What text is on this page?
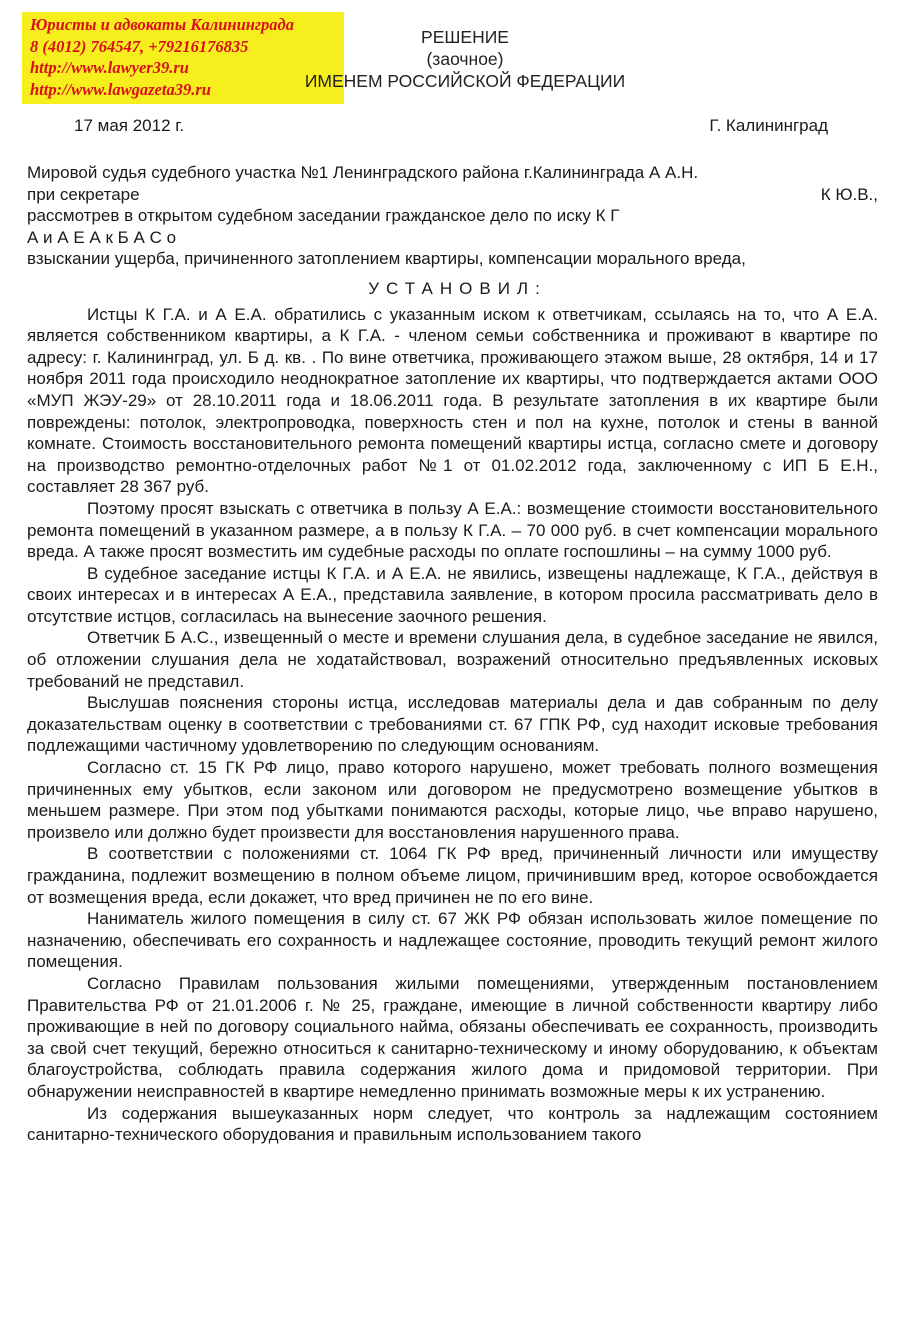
Юристы и адвокаты Калининграда
8 (4012) 764547, +79216176835
http://www.lawyer39.ru
http://www.lawgazeta39.ru
РЕШЕНИЕ
(заочное)
ИМЕНЕМ РОССИЙСКОЙ ФЕДЕРАЦИИ
17 мая 2012 г.	Г. Калининград

Мировой судья судебного участка №1 Ленинградского района г.Калининграда А А.Н.

при секретаре	К Ю.В.,

рассмотрев в открытом судебном заседании гражданское дело по иску К Г

А и А Е А к Б А С о

взыскании ущерба, причиненного затоплением квартиры, компенсации морального вреда,

УСТАНОВИЛ:

Истцы К Г.А. и А Е.А. обратились с указанным иском к ответчикам, ссылаясь на то, что А Е.А. является собственником квартиры, а К Г.А. - членом семьи собственника и проживают в квартире по адресу: г. Калининград, ул. Б д. кв. . По вине ответчика, проживающего этажом выше, 28 октября, 14 и 17 ноября 2011 года происходило неоднократное затопление их квартиры, что подтверждается актами ООО «МУП ЖЭУ-29» от 28.10.2011 года и 18.06.2011 года. В результате затопления в их квартире были повреждены: потолок, электропроводка, поверхность стен и пол на кухне, потолок и стены в ванной комнате. Стоимость восстановительного ремонта помещений квартиры истца, согласно смете и договору на производство ремонтно-отделочных работ №1 от 01.02.2012 года, заключенному с ИП Б Е.Н., составляет 28 367 руб.

Поэтому просят взыскать с ответчика в пользу А Е.А.: возмещение стоимости восстановительного ремонта помещений в указанном размере, а в пользу К Г.А. – 70 000 руб. в счет компенсации морального вреда. А также просят возместить им судебные расходы по оплате госпошлины – на сумму 1000 руб.

В судебное заседание истцы К Г.А. и А Е.А. не явились, извещены надлежаще, К Г.А., действуя в своих интересах и в интересах А Е.А., представила заявление, в котором просила рассматривать дело в отсутствие истцов, согласилась на вынесение заочного решения.

Ответчик Б А.С., извещенный о месте и времени слушания дела, в судебное заседание не явился, об отложении слушания дела не ходатайствовал, возражений относительно предъявленных исковых требований не представил.

Выслушав пояснения стороны истца, исследовав материалы дела и дав собранным по делу доказательствам оценку в соответствии с требованиями ст. 67 ГПК РФ, суд находит исковые требования подлежащими частичному удовлетворению по следующим основаниям.

Согласно ст. 15 ГК РФ лицо, право которого нарушено, может требовать полного возмещения причиненных ему убытков, если законом или договором не предусмотрено возмещение убытков в меньшем размере. При этом под убытками понимаются расходы, которые лицо, чье вправо нарушено, произвело или должно будет произвести для восстановления нарушенного права.

В соответствии с положениями ст. 1064 ГК РФ вред, причиненный личности или имуществу гражданина, подлежит возмещению в полном объеме лицом, причинившим вред, которое освобождается от возмещения вреда, если докажет, что вред причинен не по его вине.

Наниматель жилого помещения в силу ст. 67 ЖК РФ обязан использовать жилое помещение по назначению, обеспечивать его сохранность и надлежащее состояние, проводить текущий ремонт жилого помещения.

Согласно Правилам пользования жилыми помещениями, утвержденным постановлением Правительства РФ от 21.01.2006 г. № 25, граждане, имеющие в личной собственности квартиру либо проживающие в ней по договору социального найма, обязаны обеспечивать ее сохранность, производить за свой счет текущий, бережно относиться к санитарно-техническому и иному оборудованию, к объектам благоустройства, соблюдать правила содержания жилого дома и придомовой территории. При обнаружении неисправностей в квартире немедленно принимать возможные меры к их устранению.

Из содержания вышеуказанных норм следует, что контроль за надлежащим состоянием санитарно-технического оборудования и правильным использованием такого
